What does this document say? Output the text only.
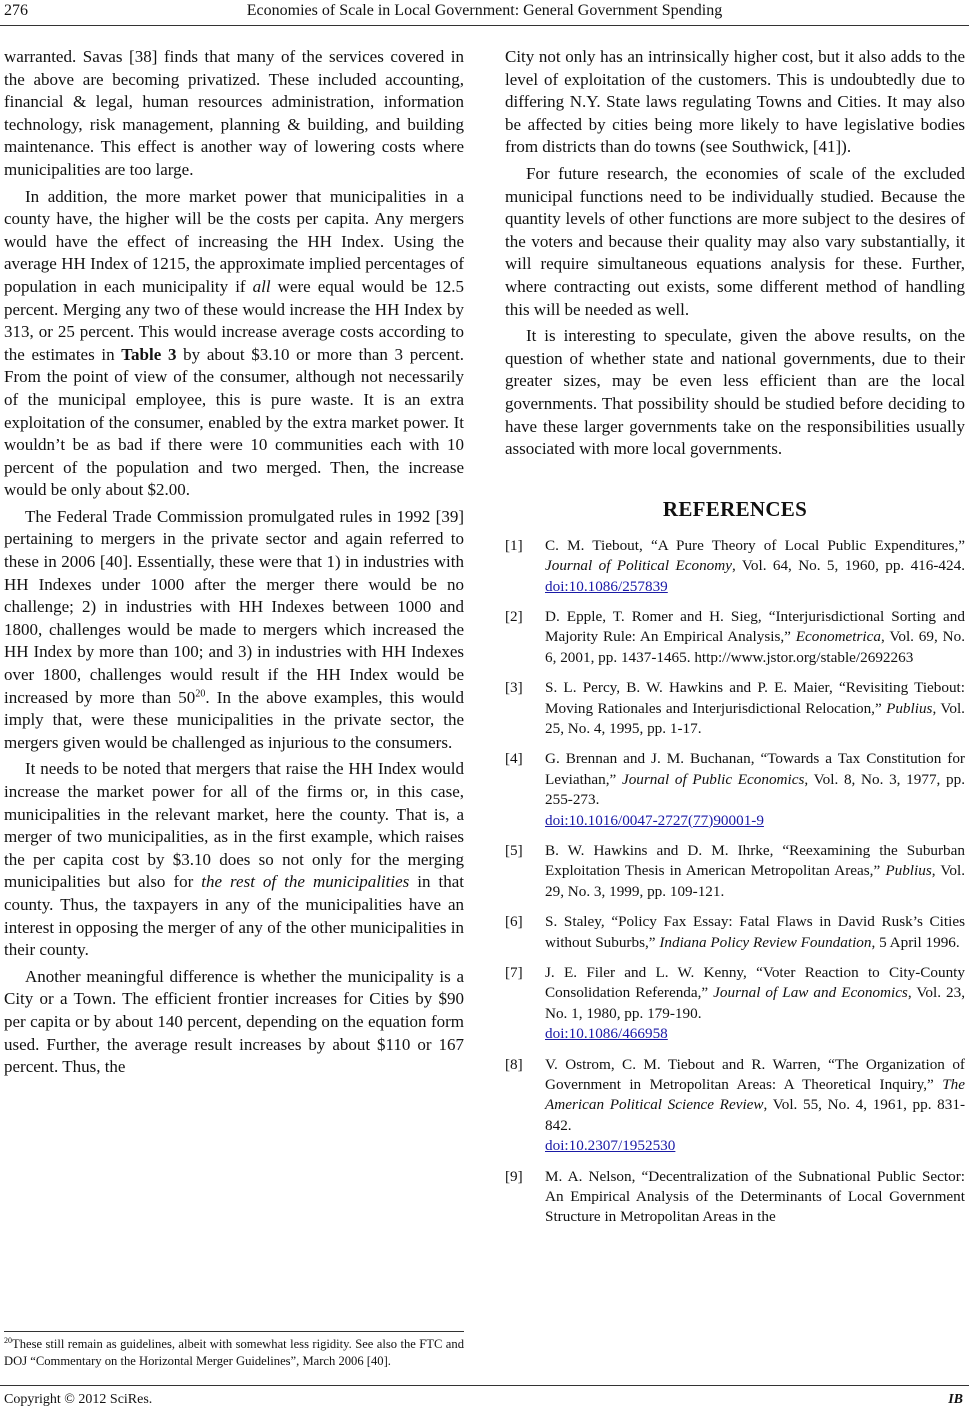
276	Economies of Scale in Local Government: General Government Spending

warranted. Savas [38] finds that many of the services covered in the above are becoming privatized. These included accounting, financial & legal, human resources administration, information technology, risk management, planning & building, and building maintenance. This effect is another way of lowering costs where municipalities are too large.

In addition, the more market power that municipalities in a county have, the higher will be the costs per capita. Any mergers would have the effect of increasing the HH Index. Using the average HH Index of 1215, the approximate implied percentages of population in each municipality if all were equal would be 12.5 percent. Merging any two of these would increase the HH Index by 313, or 25 percent. This would increase average costs according to the estimates in Table 3 by about $3.10 or more than 3 percent. From the point of view of the consumer, although not necessarily of the municipal employee, this is pure waste. It is an extra exploitation of the consumer, enabled by the extra market power. It wouldn’t be as bad if there were 10 communities each with 10 percent of the population and two merged. Then, the increase would be only about $2.00.

The Federal Trade Commission promulgated rules in 1992 [39] pertaining to mergers in the private sector and again referred to these in 2006 [40]. Essentially, these were that 1) in industries with HH Indexes under 1000 after the merger there would be no challenge; 2) in industries with HH Indexes between 1000 and 1800, challenges would be made to mergers which increased the HH Index by more than 100; and 3) in industries with HH Indexes over 1800, challenges would result if the HH Index would be increased by more than $50^{20}$. In the above examples, this would imply that, were these municipalities in the private sector, the mergers given would be challenged as injurious to the consumers.

It needs to be noted that mergers that raise the HH Index would increase the market power for all of the firms or, in this case, municipalities in the relevant market, here the county. That is, a merger of two municipalities, as in the first example, which raises the per capita cost by $3.10 does so not only for the merging municipalities but also for the rest of the municipalities in that county. Thus, the taxpayers in any of the municipalities have an interest in opposing the merger of any of the other municipalities in their county.

Another meaningful difference is whether the municipality is a City or a Town. The efficient frontier increases for Cities by $90 per capita or by about 140 percent, depending on the equation form used. Further, the average result increases by about $110 or 167 percent. Thus, the

$^{20}$These still remain as guidelines, albeit with somewhat less rigidity. See also the FTC and DOJ “Commentary on the Horizontal Merger Guidelines”, March 2006 [40].

City not only has an intrinsically higher cost, but it also adds to the level of exploitation of the customers. This is undoubtedly due to differing N.Y. State laws regulating Towns and Cities. It may also be affected by cities being more likely to have legislative bodies from districts than do towns (see Southwick, [41]).

For future research, the economies of scale of the excluded municipal functions need to be individually studied. Because the quantity levels of other functions are more subject to the desires of the voters and because their quality may also vary substantially, it will require simultaneous equations analysis for these. Further, where contracting out exists, some different method of handling this will be needed as well.

It is interesting to speculate, given the above results, on the question of whether state and national governments, due to their greater sizes, may be even less efficient than are the local governments. That possibility should be studied before deciding to have these larger governments take on the responsibilities usually associated with more local governments.

REFERENCES
[1]	C. M. Tiebout, “A Pure Theory of Local Public Expenditures,” Journal of Political Economy, Vol. 64, No. 5, 1960, pp. 416-424. doi:10.1086/257839
[2]	D. Epple, T. Romer and H. Sieg, “Interjurisdictional Sorting and Majority Rule: An Empirical Analysis,” Econometrica, Vol. 69, No. 6, 2001, pp. 1437-1465. http://www.jstor.org/stable/2692263
[3]	S. L. Percy, B. W. Hawkins and P. E. Maier, “Revisiting Tiebout: Moving Rationales and Interjurisdictional Relocation,” Publius, Vol. 25, No. 4, 1995, pp. 1-17.
[4]	G. Brennan and J. M. Buchanan, “Towards a Tax Constitution for Leviathan,” Journal of Public Economics, Vol. 8, No. 3, 1977, pp. 255-273.
doi:10.1016/0047-2727(77)90001-9
[5]	B. W. Hawkins and D. M. Ihrke, “Reexamining the Suburban Exploitation Thesis in American Metropolitan Areas,” Publius, Vol. 29, No. 3, 1999, pp. 109-121.
[6]	S. Staley, “Policy Fax Essay: Fatal Flaws in David Rusk’s Cities without Suburbs,” Indiana Policy Review Foundation, 5 April 1996.
[7]	J. E. Filer and L. W. Kenny, “Voter Reaction to City-County Consolidation Referenda,” Journal of Law and Economics, Vol. 23, No. 1, 1980, pp. 179-190.
doi:10.1086/466958
[8]	V. Ostrom, C. M. Tiebout and R. Warren, “The Organization of Government in Metropolitan Areas: A Theoretical Inquiry,” The American Political Science Review, Vol. 55, No. 4, 1961, pp. 831-842.
doi:10.2307/1952530
[9]	M. A. Nelson, “Decentralization of the Subnational Public Sector: An Empirical Analysis of the Determinants of Local Government Structure in Metropolitan Areas in the
Copyright © 2012 SciRes.	IB
